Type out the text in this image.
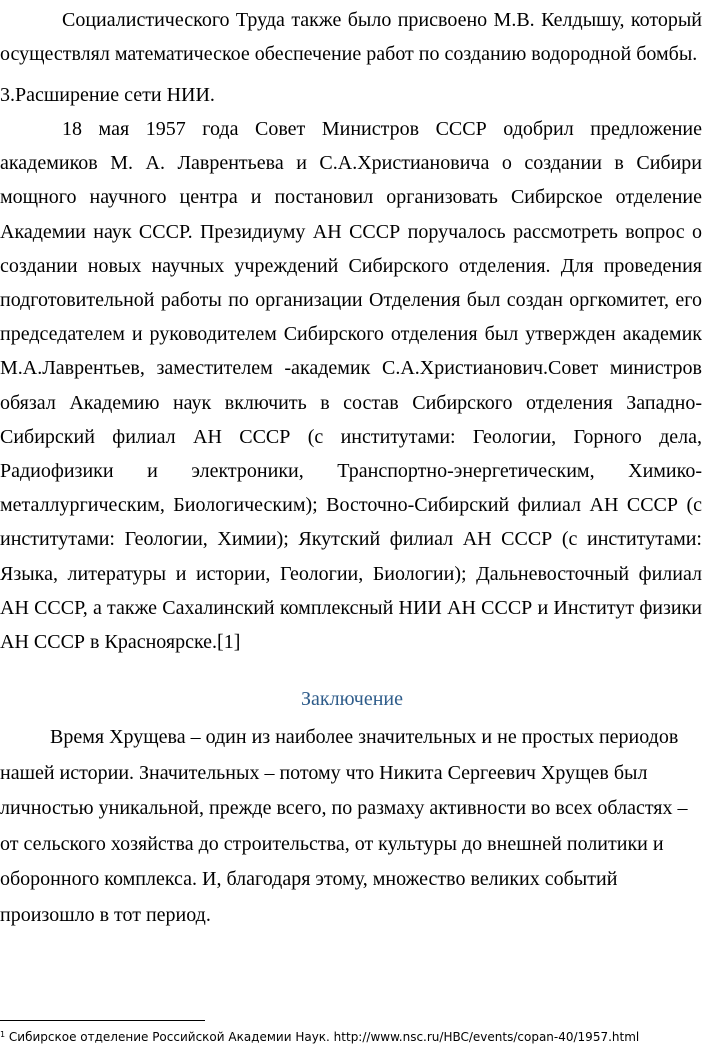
Социалистического Труда также было присвоено М.В. Келдышу, который осуществлял математическое обеспечение работ по созданию водородной бомбы.

3.Расширение сети НИИ.

18 мая 1957 года Совет Министров СССР одобрил предложение академиков М. А. Лаврентьева и С.А.Христиановича о создании в Сибири мощного научного центра и постановил организовать Сибирское отделение Академии наук СССР. Президиуму АН СССР поручалось рассмотреть вопрос о создании новых научных учреждений Сибирского отделения. Для проведения подготовительной работы по организации Отделения был создан оргкомитет, его председателем и руководителем Сибирского отделения был утвержден академик М.А.Лаврентьев, заместителем -академик С.А.Христианович.Совет министров обязал Академию наук включить в состав Сибирского отделения Западно-Сибирский филиал АН СССР (с институтами: Геологии, Горного дела, Радиофизики и электроники, Транспортно-энергетическим, Химико-металлургическим, Биологическим); Восточно-Сибирский филиал АН СССР (с институтами: Геологии, Химии); Якутский филиал АН СССР (с институтами: Языка, литературы и истории, Геологии, Биологии); Дальневосточный филиал АН СССР, а также Сахалинский комплексный НИИ АН СССР и Институт физики АН СССР в Красноярске.[1]

Заключение

Время Хрущева – один из наиболее значительных и не простых периодов нашей истории. Значительных – потому что Никита Сергеевич Хрущев был личностью уникальной, прежде всего, по размаху активности во всех областях – от сельского хозяйства до строительства, от культуры до внешней политики и оборонного комплекса. И, благодаря этому, множество великих событий произошло в тот период.

$^1$ Сибирское отделение Российской Академии Наук. http://www.nsc.ru/HBC/events/copan-40/1957.html
